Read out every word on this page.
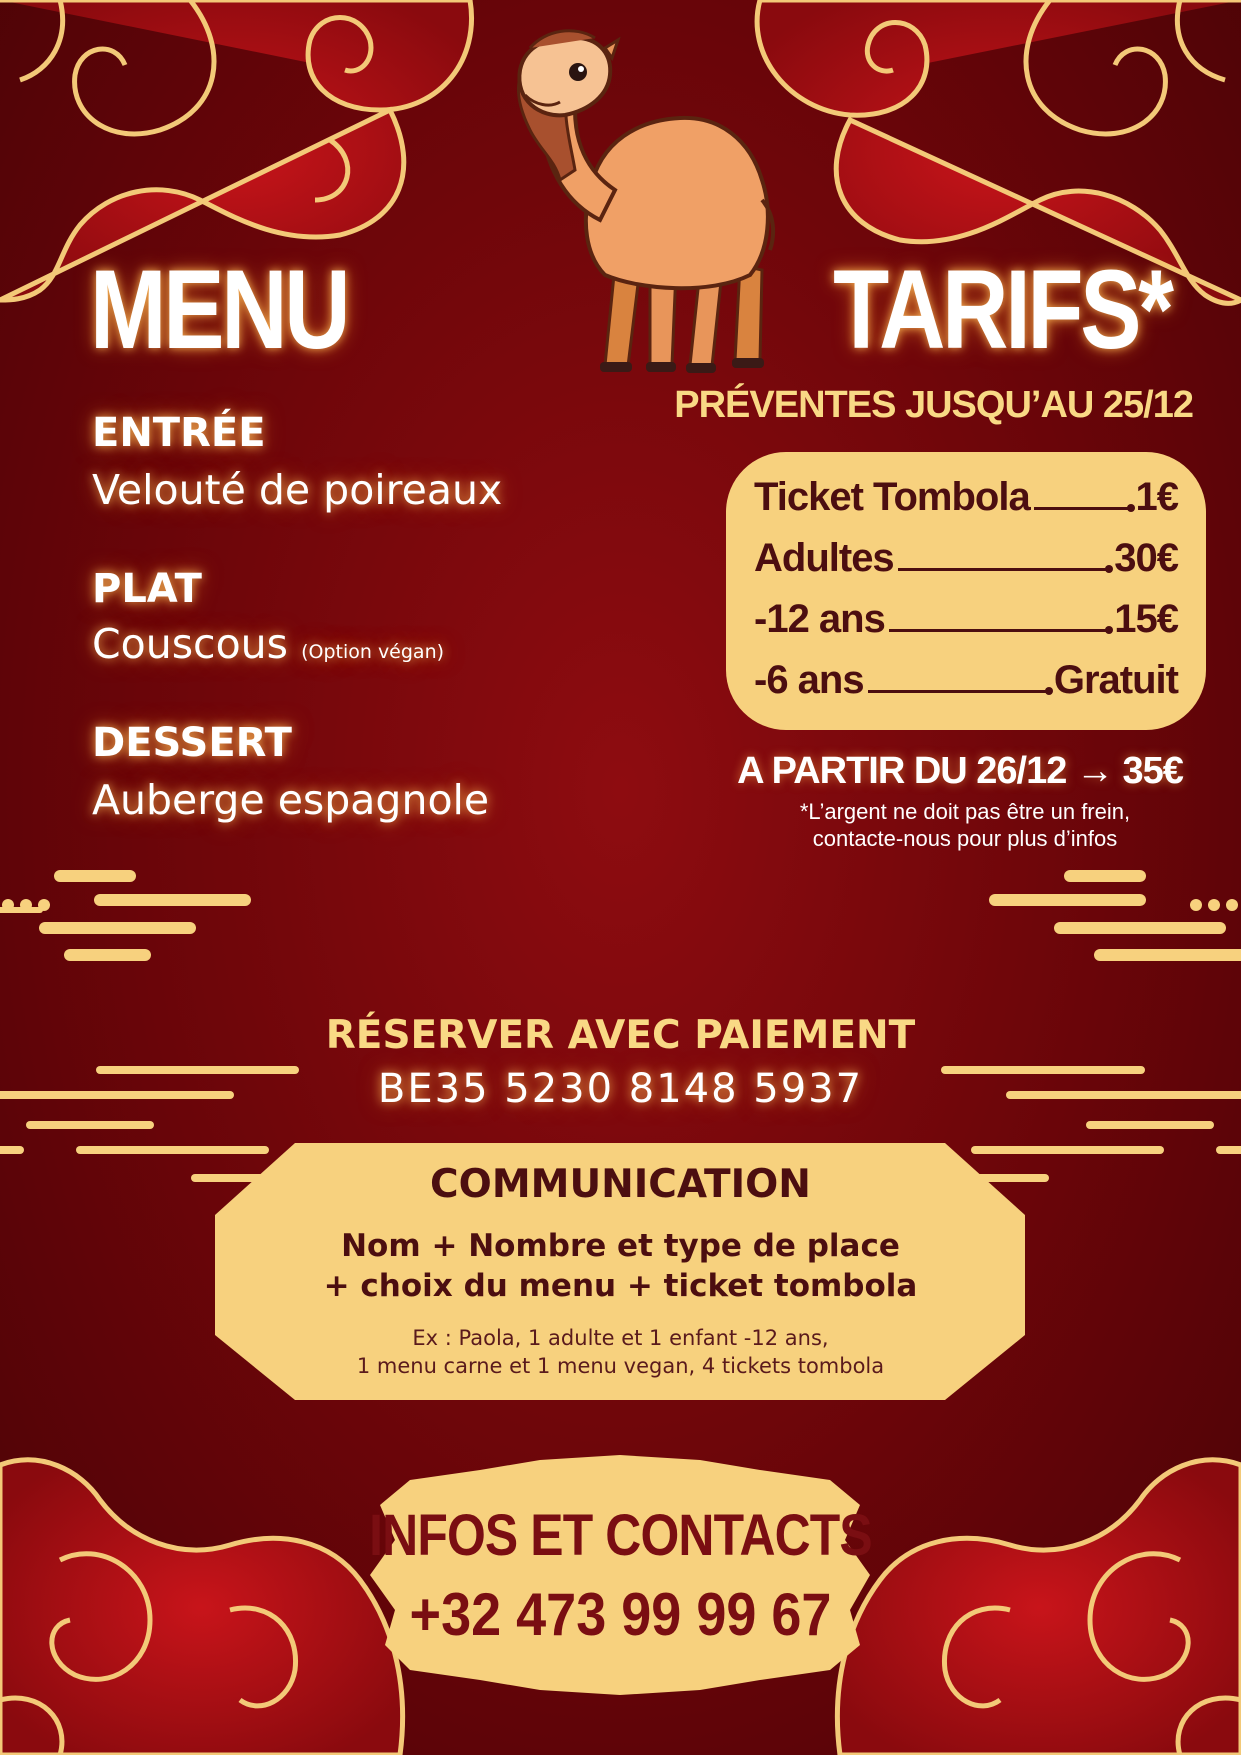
MENU
ENTRÉE
Velouté de poireaux
PLAT
Couscous (Option végan)
DESSERT
Auberge espagnole
TARIFS*
PRÉVENTES JUSQU’AU 25/12
Ticket Tombola	1€
Adultes	30€
-12 ans	15€
-6 ans	Gratuit
A PARTIR DU 26/12 → 35€
*L’argent ne doit pas être un frein,
contacte-nous pour plus d’infos
RÉSERVER AVEC PAIEMENT
BE35 5230 8148 5937
COMMUNICATION
Nom + Nombre et type de place
+ choix du menu + ticket tombola
Ex : Paola, 1 adulte et 1 enfant -12 ans,
1 menu carne et 1 menu vegan, 4 tickets tombola
INFOS ET CONTACTS
+32 473 99 99 67
